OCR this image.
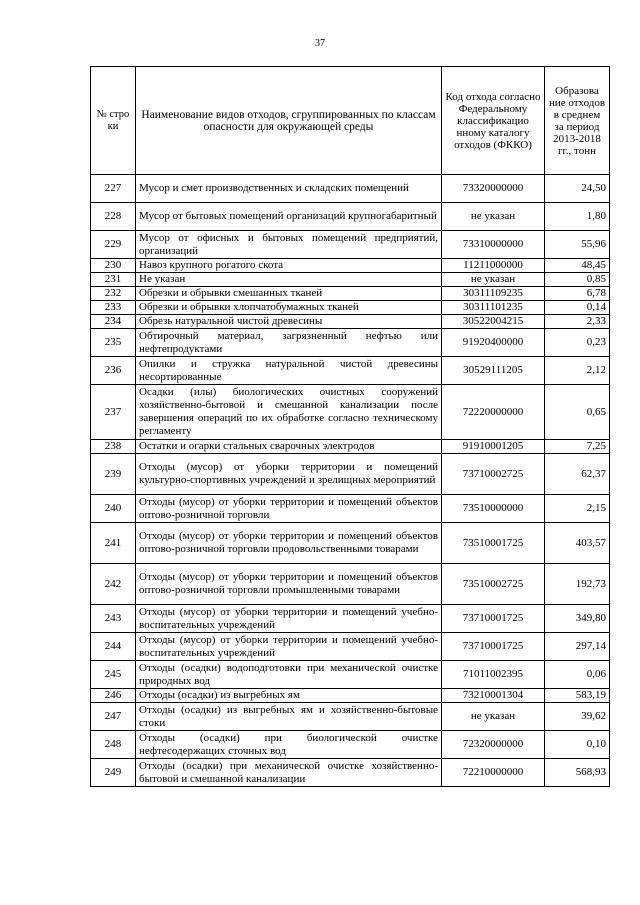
37
№ стро ки	Наименование видов отходов, сгруппированных по классам опасности для окружающей среды	Код отхода согласно Федеральному классификацио нному каталогу отходов (ФККО)	Образова ние отходов в среднем за период 2013-2018 гг., тонн
227	Мусор и смет производственных и складских помещений	73320000000	24,50
228	Мусор от бытовых помещений организаций крупногабаритный	не указан	1,80
229	Мусор от офисных и бытовых помещений предприятий, организаций	73310000000	55,96
230	Навоз крупного рогатого скота	11211000000	48,45
231	Не указан	не указан	0,85
232	Обрезки и обрывки смешанных тканей	30311109235	6,78
233	Обрезки и обрывки хлопчатобумажных тканей	30311101235	0,14
234	Обрезь натуральной чистой древесины	30522004215	2,33
235	Обтирочный материал, загрязненный нефтью или нефтепродуктами	91920400000	0,23
236	Опилки и стружка натуральной чистой древесины несортированные	30529111205	2,12
237	Осадки (илы) биологических очистных сооружений хозяйственно-бытовой и смешанной канализации после завершения операций по их обработке согласно техническому регламенту	72220000000	0,65
238	Остатки и огарки стальных сварочных электродов	91910001205	7,25
239	Отходы (мусор) от уборки территории и помещений культурно-спортивных учреждений и зрелищных мероприятий	73710002725	62,37
240	Отходы (мусор) от уборки территории и помещений объектов оптово-розничной торговли	73510000000	2,15
241	Отходы (мусор) от уборки территории и помещений объектов оптово-розничной торговли продовольственными товарами	73510001725	403,57
242	Отходы (мусор) от уборки территории и помещений объектов оптово-розничной торговли промышленными товарами	73510002725	192,73
243	Отходы (мусор) от уборки территории и помещений учебно-воспитательных учреждений	73710001725	349,80
244	Отходы (мусор) от уборки территории и помещений учебно-воспитательных учреждений	73710001725	297,14
245	Отходы (осадки) водоподготовки при механической очистке природных вод	71011002395	0,06
246	Отходы (осадки) из выгребных ям	73210001304	583,19
247	Отходы (осадки) из выгребных ям и хозяйственно-бытовые стоки	не указан	39,62
248	Отходы (осадки) при биологической очистке нефтесодержащих сточных вод	72320000000	0,10
249	Отходы (осадки) при механической очистке хозяйственно-бытовой и смешанной канализации	72210000000	568,93
